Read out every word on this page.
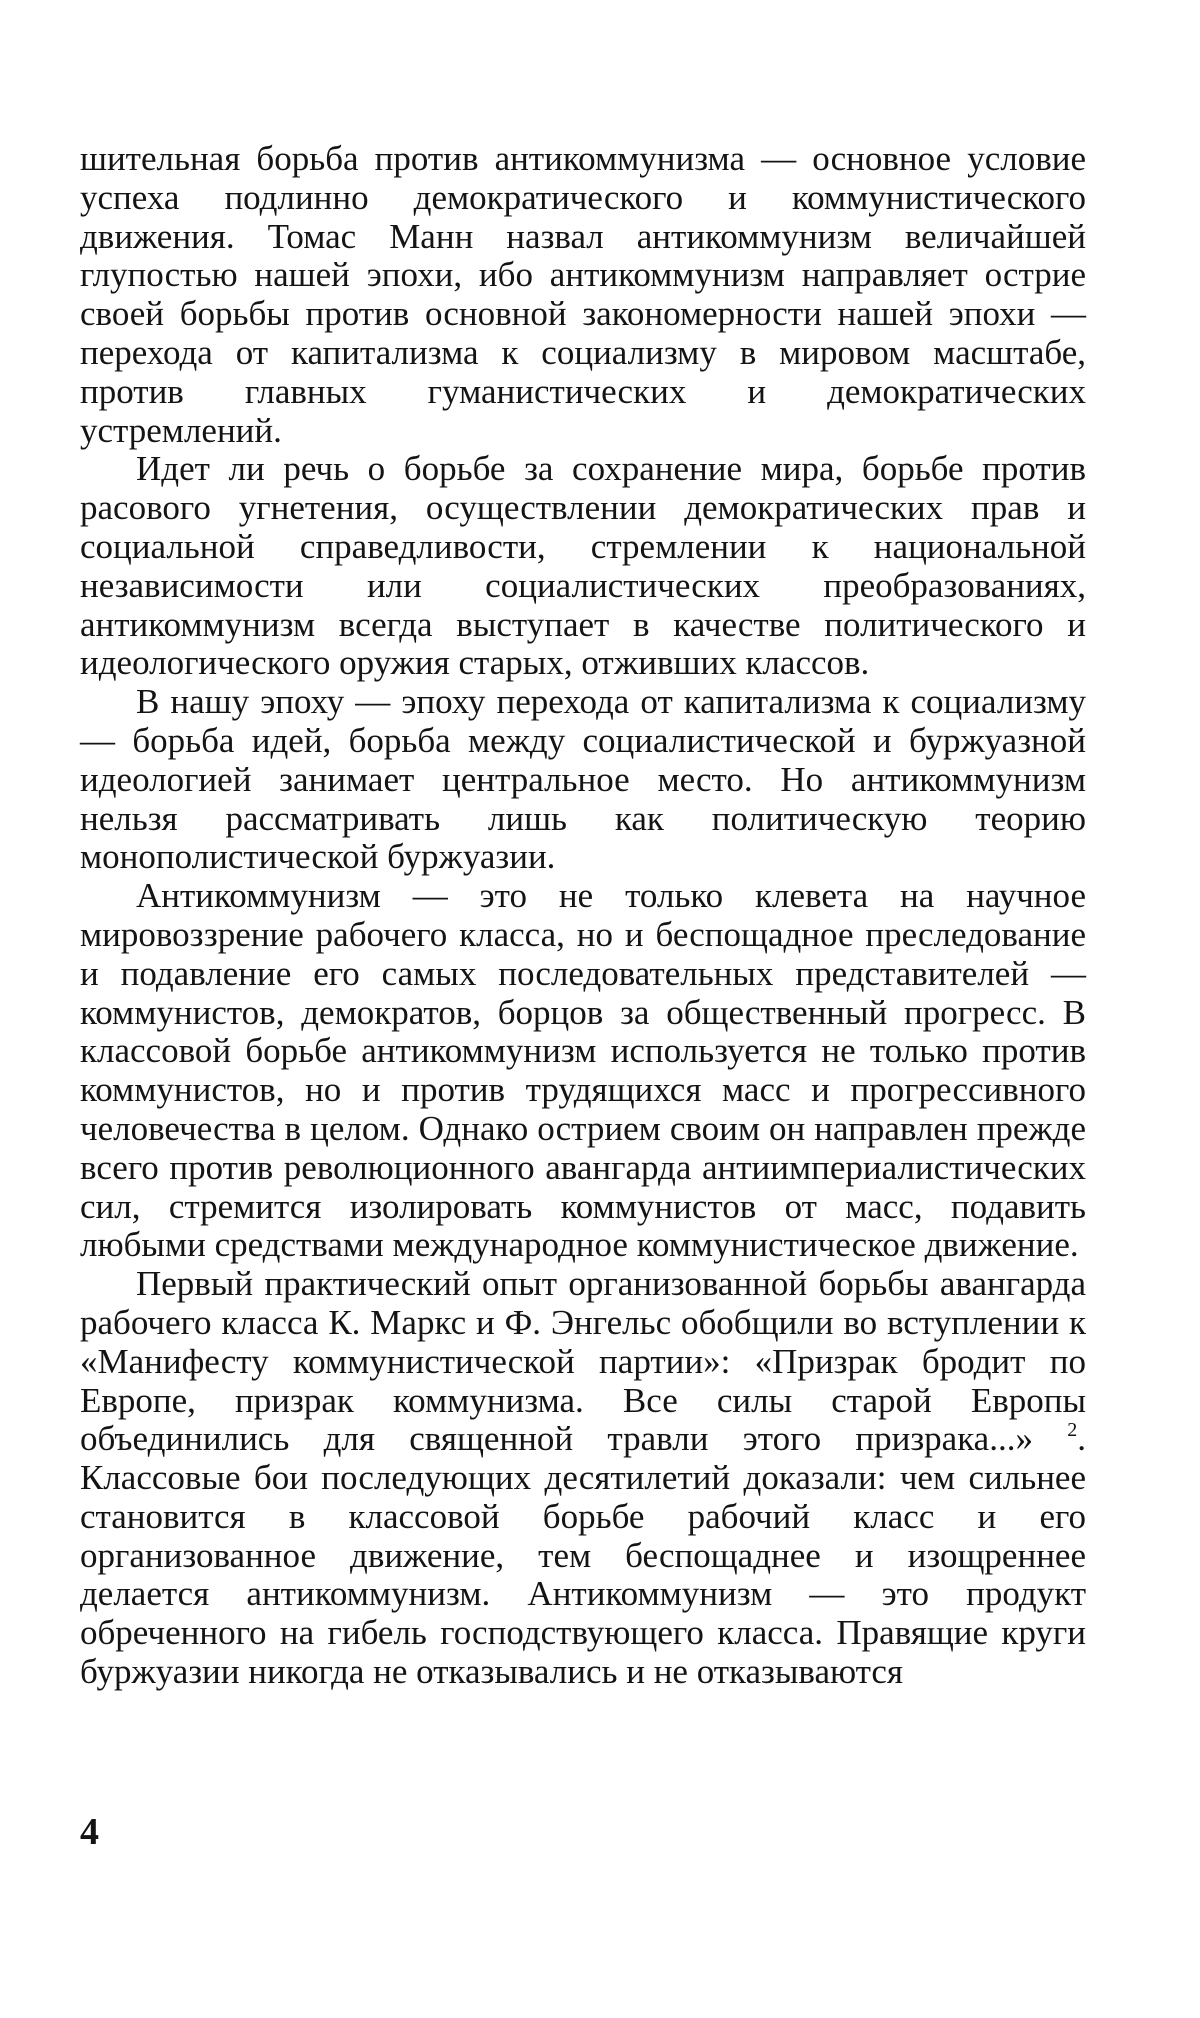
шительная борьба против антикоммунизма — основное условие успеха подлинно демократического и коммунистического движения. Томас Манн назвал антикоммунизм величайшей глупостью нашей эпохи, ибо антикоммунизм направляет острие своей борьбы против основной закономерности нашей эпохи — перехода от капитализма к социализму в мировом масштабе, против главных гуманистических и демократических устремлений.

Идет ли речь о борьбе за сохранение мира, борьбе против расового угнетения, осуществлении демократических прав и социальной справедливости, стремлении к национальной независимости или социалистических преобразованиях, антикоммунизм всегда выступает в качестве политического и идеологического оружия старых, отживших классов.

В нашу эпоху — эпоху перехода от капитализма к социализму — борьба идей, борьба между социалистической и буржуазной идеологией занимает центральное место. Но антикоммунизм нельзя рассматривать лишь как политическую теорию монополистической буржуазии.

Антикоммунизм — это не только клевета на научное мировоззрение рабочего класса, но и беспощадное преследование и подавление его самых последовательных представителей — коммунистов, демократов, борцов за общественный прогресс. В классовой борьбе антикоммунизм используется не только против коммунистов, но и против трудящихся масс и прогрессивного человечества в целом. Однако острием своим он направлен прежде всего против революционного авангарда антиимпериалистических сил, стремится изолировать коммунистов от масс, подавить любыми средствами международное коммунистическое движение.

Первый практический опыт организованной борьбы авангарда рабочего класса К. Маркс и Ф. Энгельс обобщили во вступлении к «Манифесту коммунистической партии»: «Призрак бродит по Европе, призрак коммунизма. Все силы старой Европы объединились для священной травли этого призрака...» $^2$. Классовые бои последующих десятилетий доказали: чем сильнее становится в классовой борьбе рабочий класс и его организованное движение, тем беспощаднее и изощреннее делается антикоммунизм. Антикоммунизм — это продукт обреченного на гибель господствующего класса. Правящие круги буржуазии никогда не отказывались и не отказываются

4
